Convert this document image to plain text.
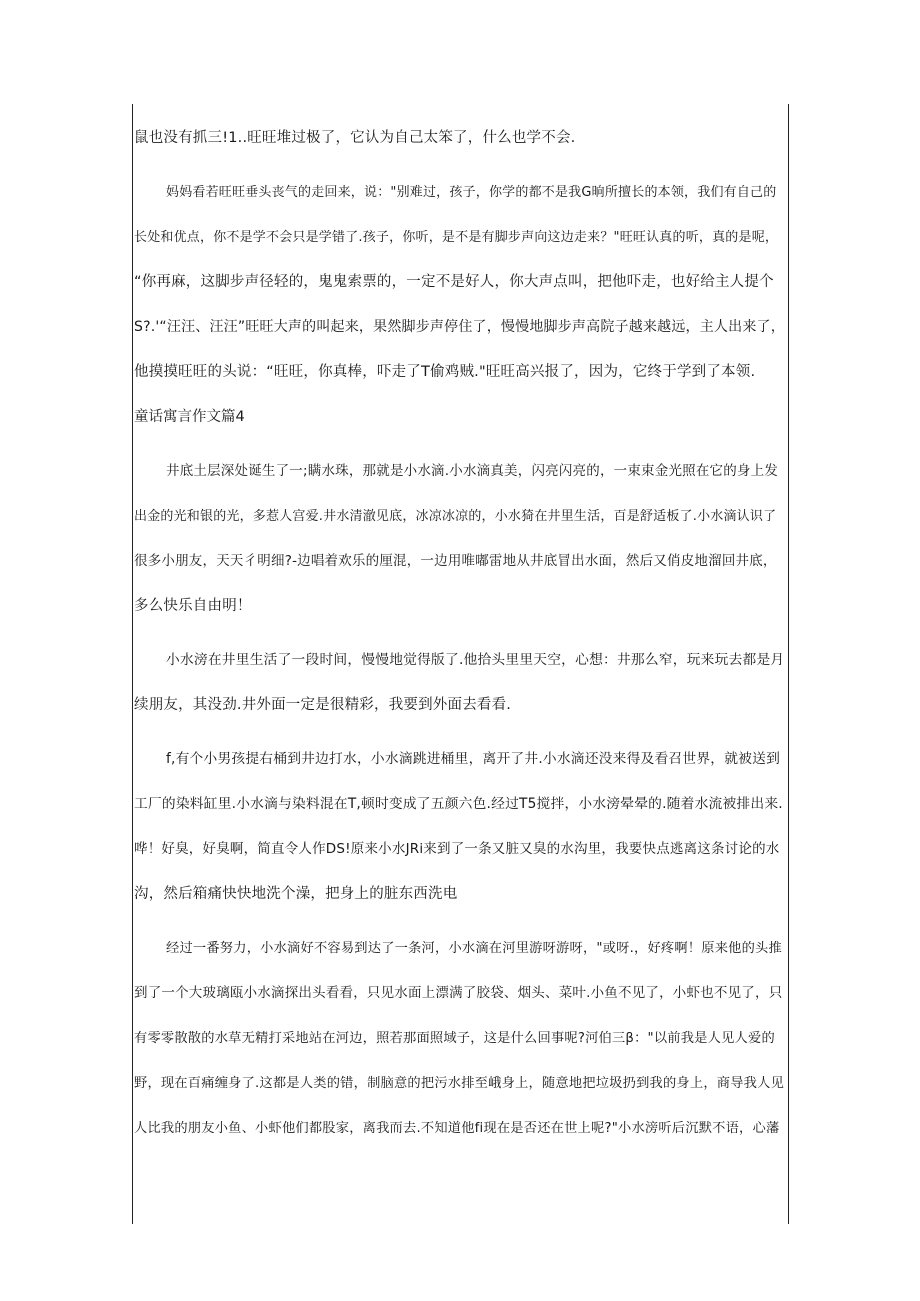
鼠也没有抓三!1..旺旺堆过极了，它认为自己太笨了，什么也学不会.
妈妈看若旺旺垂头丧气的走回来，说："别难过，孩子，你学的都不是我G晌所擅长的本领，我们有自己的
长处和优点，你不是学不会只是学错了.孩子，你听，是不是有脚步声向这边走来？"旺旺认真的听，真的是呢，
“你再麻，这脚步声径轻的，鬼鬼索票的，一定不是好人，你大声点叫，把他吓走，也好给主人提个
S?.'“汪汪、汪汪”旺旺大声的叫起来，果然脚步声停住了，慢慢地脚步声高院子越来越远，主人出来了，
他摸摸旺旺的头说：“旺旺，你真棒，吓走了T偷鸡贼."旺旺高兴报了，因为，它终于学到了本领.
童话寓言作文篇4
井底土层深处诞生了一;瞒水珠，那就是小水滴.小水滴真美，闪亮闪亮的，一束束金光照在它的身上发
出金的光和银的光，多惹人宫爱.井水清澈见底，冰凉冰凉的，小水猗在井里生活，百是舒适板了.小水滴认识了
很多小朋友，天天彳明细?-边唱着欢乐的厘混，一边用唯嘟雷地从井底冒出水面，然后又俏皮地溜回井底，
多么快乐自由明！
小水滂在井里生活了一段时间，慢慢地觉得版了.他拾头里里天空，心想：井那么窄，玩来玩去都是月
续朋友，其没劲.井外面一定是很精彩，我要到外面去看看.
f,有个小男孩提右桶到井边打水，小水滴跳进桶里，离开了井.小水滴还没来得及看召世界，就被送到
工厂的染料缸里.小水滴与染料混在T,顿时变成了五颜六色.经过T5搅拌，小水滂晕晕的.随着水流被排出来.
哗！好臭，好臭啊，简直令人作DS!原来小水JRi来到了一条又脏又臭的水沟里，我要快点逃离这条讨论的水
沟，然后箱痛快快地洗个澡，把身上的脏东西洗电
经过一番努力，小水滴好不容易到达了一条河，小水滴在河里游呀游呀，"或呀.，好疼啊！原来他的头推
到了一个大玻璃瓯小水滴探出头看看，只见水面上漂满了胶袋、烟头、菜叶.小鱼不见了，小虾也不见了，只
有零零散散的水草无精打采地站在河边，照若那面照域子，这是什么回事呢?河伯三β："以前我是人见人爱的
野，现在百痛缠身了.这都是人类的错，制脑意的把污水排至峨身上，随意地把垃圾扔到我的身上，商导我人见
人比我的朋友小鱼、小虾他们都股家，离我而去.不知道他fi现在是否还在世上呢?"小水滂听后沉默不语，心藩
